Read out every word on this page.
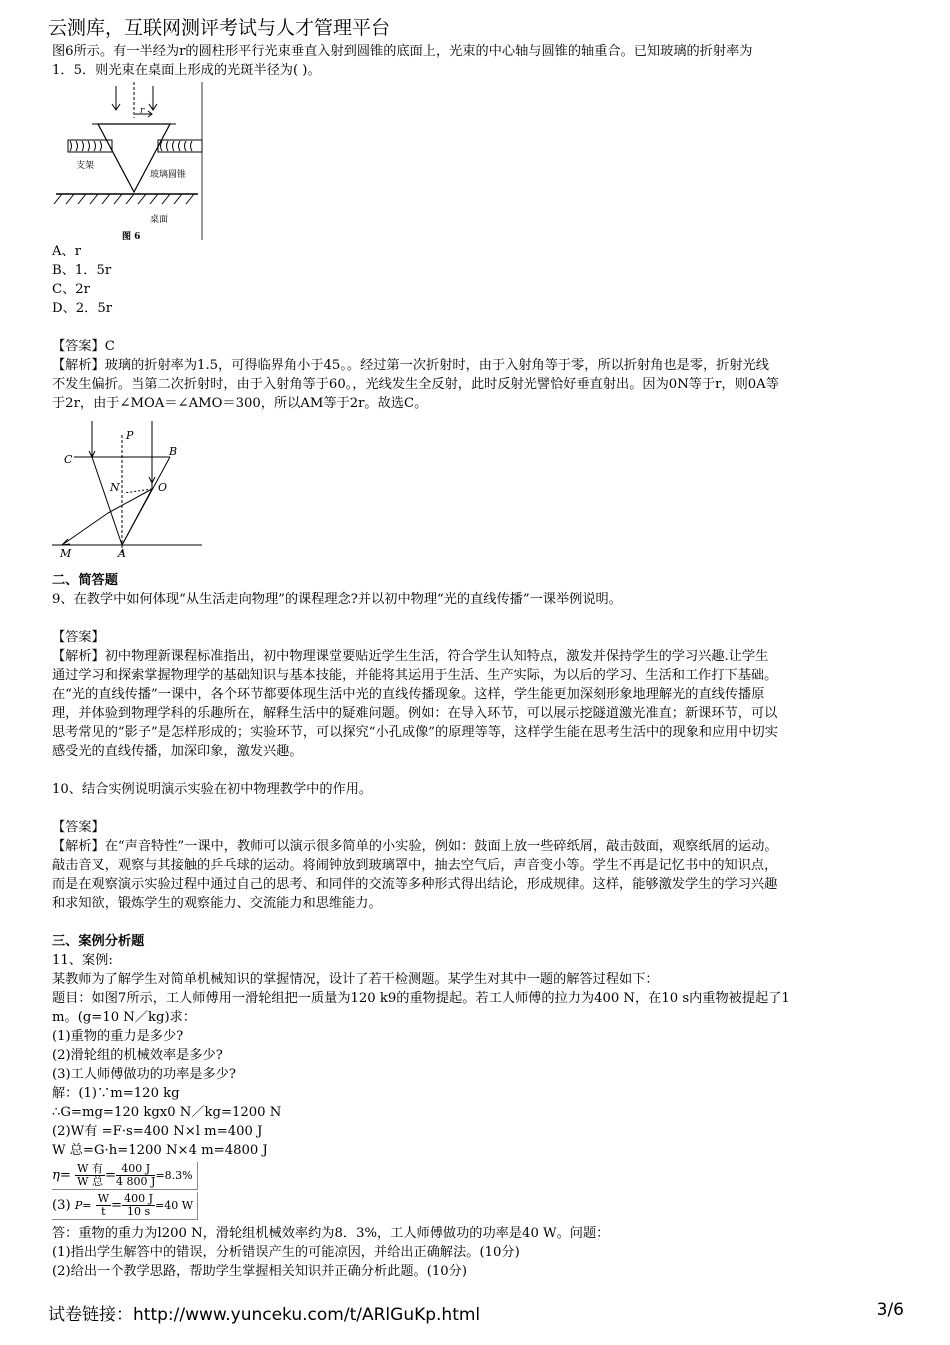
云测库，互联网测评考试与人才管理平台

图6所示。有一半经为r的圆柱形平行光束垂直入射到圆锥的底面上，光束的中心轴与圆锥的轴重合。已知玻璃的折射率为

1．5．则光束在桌面上形成的光斑半径为( )。

r
支架
玻璃圆锥
桌面
图 6

A、r

B、1．5r

C、2r

D、2．5r

【答案】C

【解析】玻璃的折射率为1.5，可得临界角小于45。。经过第一次折射时，由于入射角等于零，所以折射角也是零，折射光线

不发生偏折。当第二次折射时，由于入射角等于60。，光线发生全反射，此时反射光譬恰好垂直射出。因为0N等于r，则0A等

于2r，由于∠MOA＝∠AMO＝300，所以AM等于2r。故选C。

C
P
B
N	O
M	A

二、简答题

9、在教学中如何体现“从生活走向物理”的课程理念?并以初中物理“光的直线传播”一课举例说明。

【答案】

【解析】初中物理新课程标准指出，初中物理课堂要贴近学生生活，符合学生认知特点，激发并保持学生的学习兴趣.让学生

通过学习和探索掌握物理学的基础知识与基本技能，并能将其运用于生活、生产实际，为以后的学习、生活和工作打下基础。

在“光的直线传播”一课中，各个环节都要体现生活中光的直线传播现象。这样，学生能更加深刻形象地理解光的直线传播原

理，并体验到物理学科的乐趣所在，解释生活中的疑难问题。例如：在导入环节，可以展示挖隧道激光准直；新课环节，可以

思考常见的“影子”是怎样形成的；实验环节，可以探究“小孔成像”的原理等等，这样学生能在思考生活中的现象和应用中切实

感受光的直线传播，加深印象，激发兴趣。

10、结合实例说明演示实验在初中物理教学中的作用。

【答案】

【解析】在“声音特性”一课中，教师可以演示很多简单的小实验，例如：鼓面上放一些碎纸屑，敲击鼓面，观察纸屑的运动。

敲击音叉，观察与其接触的乒乓球的运动。将闹钟放到玻璃罩中，抽去空气后，声音变小等。学生不再是记忆书中的知识点，

而是在观察演示实验过程中通过自己的思考、和同伴的交流等多种形式得出结论，形成规律。这样，能够激发学生的学习兴趣

和求知欲，锻炼学生的观察能力、交流能力和思维能力。

三、案例分析题

11、案例:

某教师为了解学生对简单机械知识的掌握情况，设计了若干检测题。某学生对其中一题的解答过程如下：

题目：如图7所示，工人师傅用一滑轮组把一质量为120 k9的重物提起。若工人师傅的拉力为400 N，在10 s内重物被提起了1

m。(g=10 N／kg)求：

(1)重物的重力是多少?

(2)滑轮组的机械效率是多少?

(3)工人师傅做功的功率是多少?

解：(1)∵m=120 kg

∴G=mg=120 kgx0 N／kg=1200 N

(2)W有 =F·s=400 N×l m=400 J

W 总=G·h=1200 N×4 m=4800 J

$\eta= \frac{\text{W 有}}{\text{W 总}} = \frac{400 J}{4 800 J} =8.3\%$
(3) $P= \frac{W}{t} = \frac{400 J}{10 s} =40$ W

答：重物的重力为l200 N，滑轮组机械效率约为8．3%，工人师傅做功的功率是40 W。问题：

(1)指出学生解答中的错误，分析错误产生的可能凉因，并给出正确解法。(10分)

(2)给出一个教学思路，帮助学生掌握相关知识并正确分析此题。(10分)

试卷链接：http://www.yunceku.com/t/ARlGuKp.html	3/6
